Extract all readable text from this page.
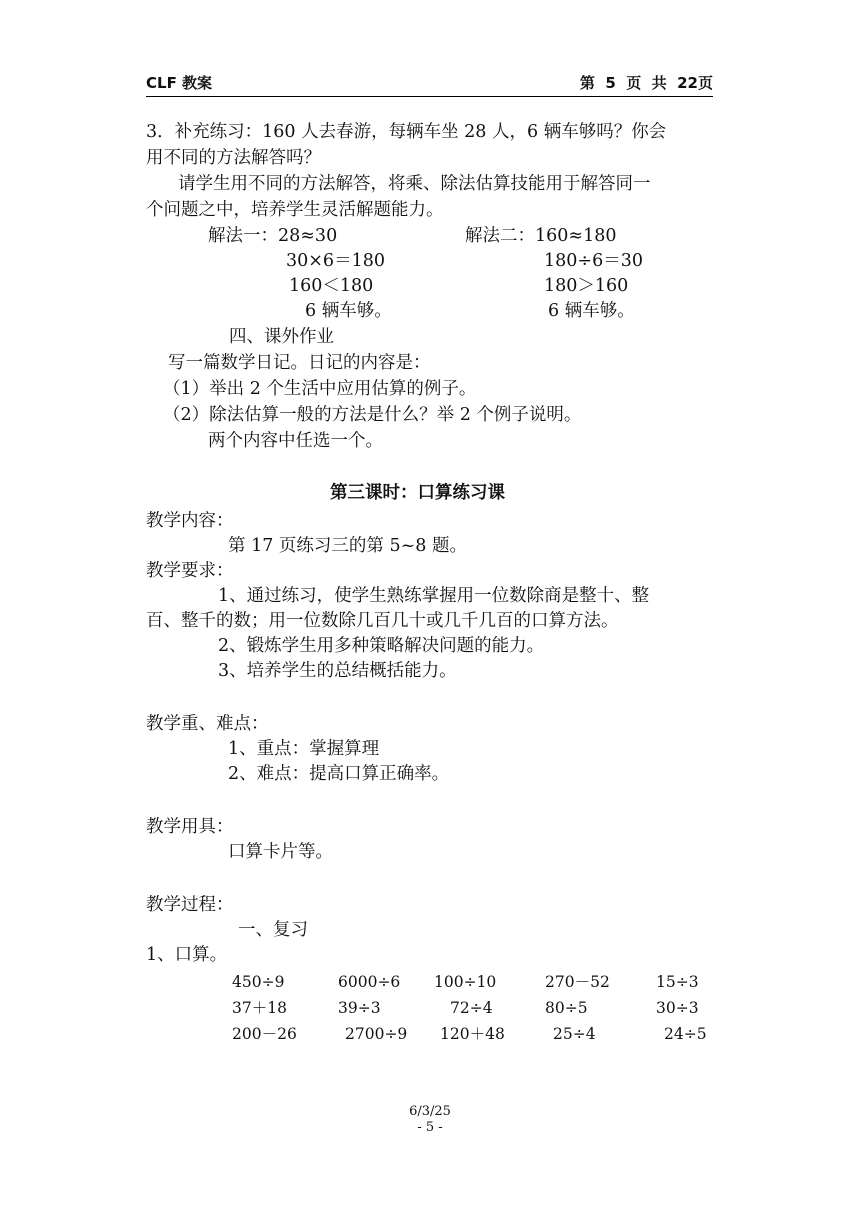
CLF 教案	第  5  页  共  22页
3．补充练习：160 人去春游，每辆车坐 28 人，6 辆车够吗？你会
用不同的方法解答吗？
请学生用不同的方法解答，将乘、除法估算技能用于解答同一
个问题之中，培养学生灵活解题能力。
解法一：28≈30
30×6＝180
160＜180
6 辆车够。
解法二：160≈180
180÷6＝30
180＞160
6 辆车够。
四、课外作业
写一篇数学日记。日记的内容是：
（1）举出 2 个生活中应用估算的例子。
（2）除法估算一般的方法是什么？举 2 个例子说明。
两个内容中任选一个。
第三课时：口算练习课
教学内容：
第 17 页练习三的第 5~8 题。
教学要求：
1、通过练习，使学生熟练掌握用一位数除商是整十、整
百、整千的数；用一位数除几百几十或几千几百的口算方法。
2、锻炼学生用多种策略解决问题的能力。
3、培养学生的总结概括能力。
教学重、难点：
1、重点：掌握算理
2、难点：提高口算正确率。
教学用具：
口算卡片等。
教学过程：
一、复习
1、口算。
450÷9	6000÷6 100÷10	270－52	15÷3
37＋18	39÷3	72÷4	80÷5	30÷3
200－26	2700÷9 120＋48	25÷4	24÷5
6/3/25
- 5 -
